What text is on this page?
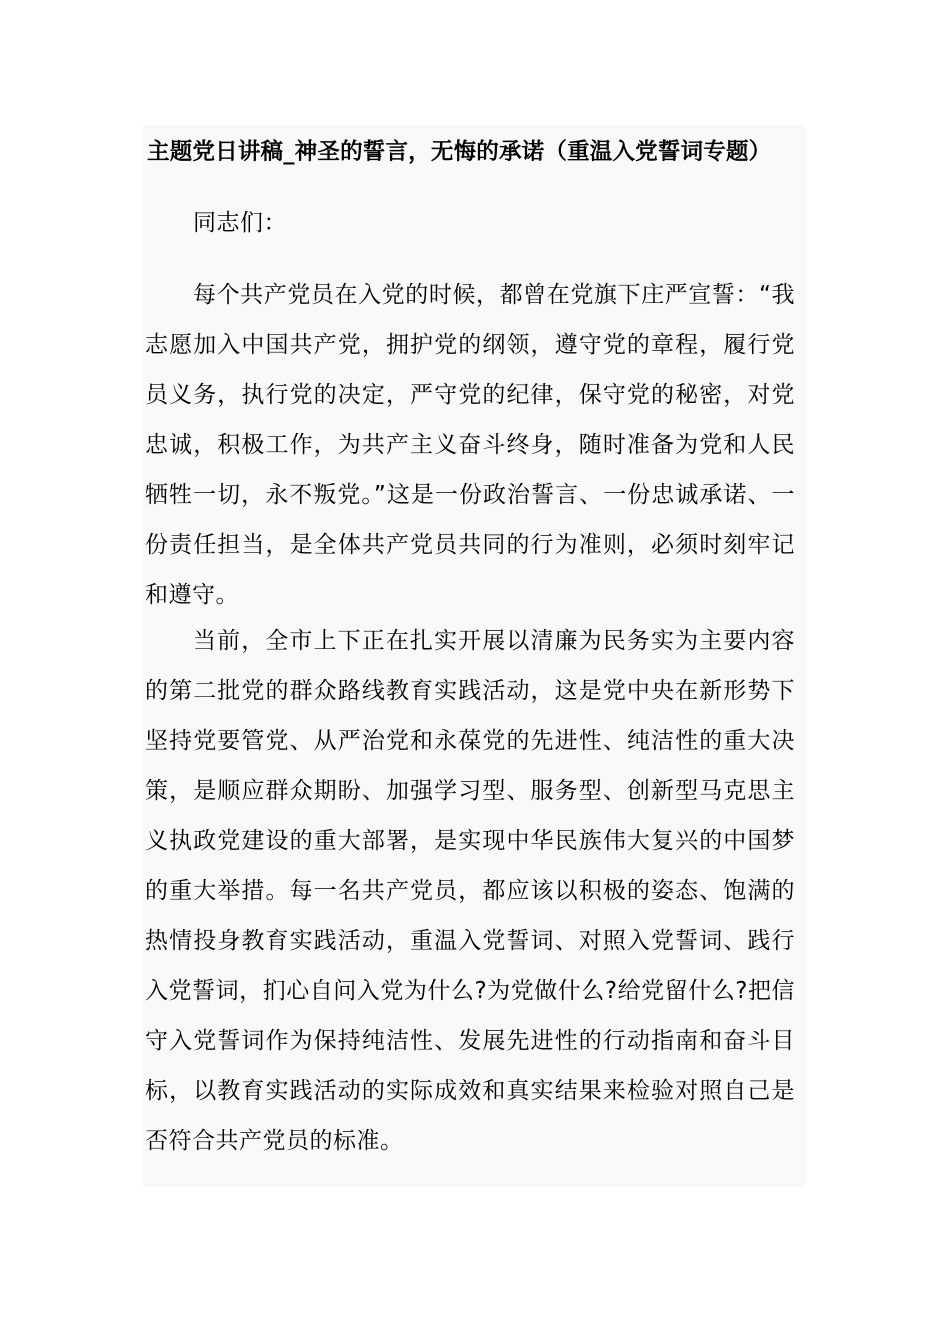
主题党日讲稿_神圣的誓言，无悔的承诺（重温入党誓词专题）

同志们：

每个共产党员在入党的时候，都曾在党旗下庄严宣誓：“我志愿加入中国共产党，拥护党的纲领，遵守党的章程，履行党员义务，执行党的决定，严守党的纪律，保守党的秘密，对党忠诚，积极工作，为共产主义奋斗终身，随时准备为党和人民牺牲一切，永不叛党。”这是一份政治誓言、一份忠诚承诺、一份责任担当，是全体共产党员共同的行为准则，必须时刻牢记和遵守。

当前，全市上下正在扎实开展以清廉为民务实为主要内容的第二批党的群众路线教育实践活动，这是党中央在新形势下坚持党要管党、从严治党和永葆党的先进性、纯洁性的重大决策，是顺应群众期盼、加强学习型、服务型、创新型马克思主义执政党建设的重大部署，是实现中华民族伟大复兴的中国梦的重大举措。每一名共产党员，都应该以积极的姿态、饱满的热情投身教育实践活动，重温入党誓词、对照入党誓词、践行入党誓词，扪心自问入党为什么?为党做什么?给党留什么?把信守入党誓词作为保持纯洁性、发展先进性的行动指南和奋斗目标，以教育实践活动的实际成效和真实结果来检验对照自己是否符合共产党员的标准。
